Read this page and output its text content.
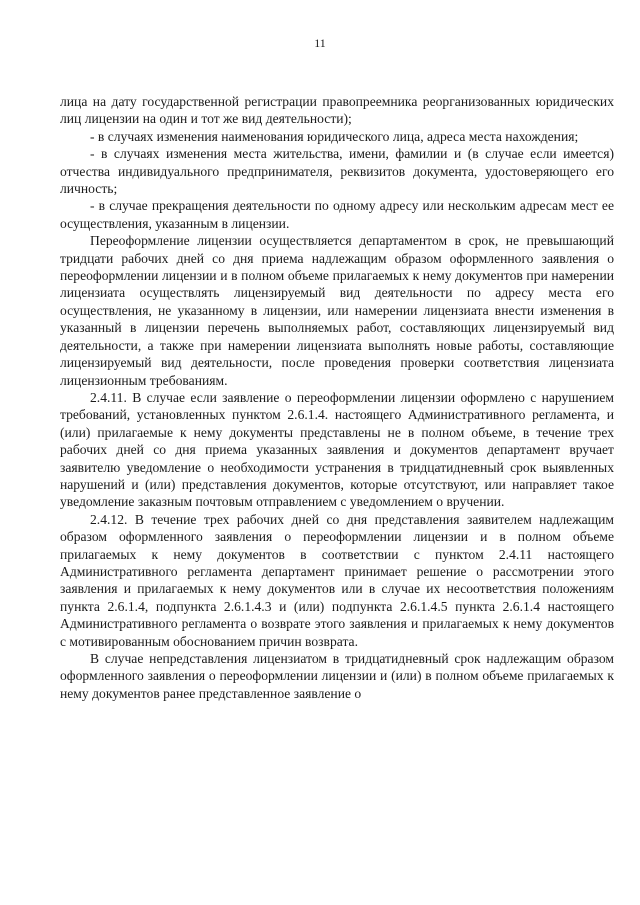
11

лица на дату государственной регистрации правопреемника реорганизованных юридических лиц лицензии на один и тот же вид деятельности);

- в случаях изменения наименования юридического лица, адреса места нахождения;

- в случаях изменения места жительства, имени, фамилии и (в случае если имеется) отчества индивидуального предпринимателя, реквизитов документа, удостоверяющего его личность;

- в случае прекращения деятельности по одному адресу или нескольким адресам мест ее осуществления, указанным в лицензии.

Переоформление лицензии осуществляется департаментом в срок, не превышающий тридцати рабочих дней со дня приема надлежащим образом оформленного заявления о переоформлении лицензии и в полном объеме прилагаемых к нему документов при намерении лицензиата осуществлять лицензируемый вид деятельности по адресу места его осуществления, не указанному в лицензии, или намерении лицензиата внести изменения в указанный в лицензии перечень выполняемых работ, составляющих лицензируемый вид деятельности, а также при намерении лицензиата выполнять новые работы, составляющие лицензируемый вид деятельности, после проведения проверки соответствия лицензиата лицензионным требованиям.

2.4.11. В случае если заявление о переоформлении лицензии оформлено с нарушением требований, установленных пунктом 2.6.1.4. настоящего Административного регламента, и (или) прилагаемые к нему документы представлены не в полном объеме, в течение трех рабочих дней со дня приема указанных заявления и документов департамент вручает заявителю уведомление о необходимости устранения в тридцатидневный срок выявленных нарушений и (или) представления документов, которые отсутствуют, или направляет такое уведомление заказным почтовым отправлением с уведомлением о вручении.

2.4.12. В течение трех рабочих дней со дня представления заявителем надлежащим образом оформленного заявления о переоформлении лицензии и в полном объеме прилагаемых к нему документов в соответствии с пунктом 2.4.11 настоящего Административного регламента департамент принимает решение о рассмотрении этого заявления и прилагаемых к нему документов или в случае их несоответствия положениям пункта 2.6.1.4, подпункта 2.6.1.4.3 и (или) подпункта 2.6.1.4.5 пункта 2.6.1.4 настоящего Административного регламента о возврате этого заявления и прилагаемых к нему документов с мотивированным обоснованием причин возврата.

В случае непредставления лицензиатом в тридцатидневный срок надлежащим образом оформленного заявления о переоформлении лицензии и (или) в полном объеме прилагаемых к нему документов ранее представленное заявление о
